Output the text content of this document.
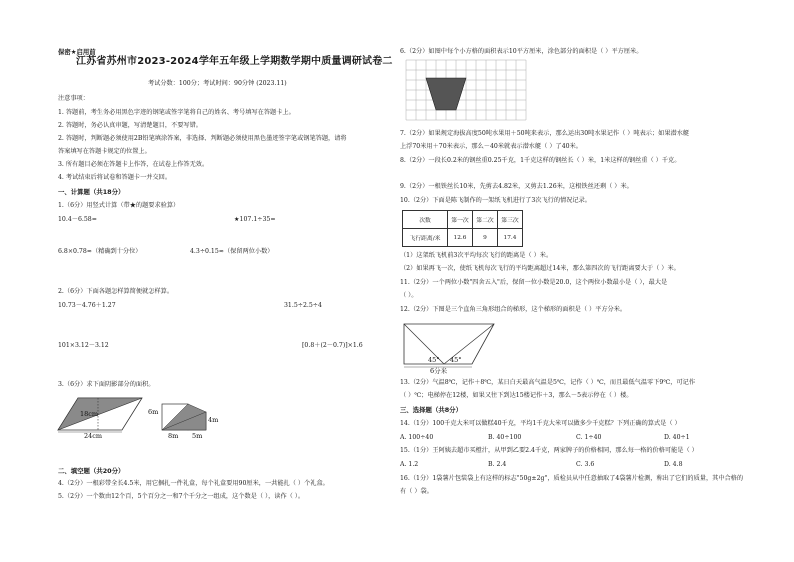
保密★启用前
江苏省苏州市2023-2024学年五年级上学期数学期中质量调研试卷二
考试分数：100分；考试时间：90分钟 (2023.11)
注意事项：
1. 答题前，考生务必用黑色字迹的钢笔或签字笔将自己的姓名、考号填写在答题卡上。
2. 答题时，务必认真审题，写清楚题目，不要写错。
2. 答题时，判断题必须使用2B铅笔填涂答案，非选择、判断题必须使用黑色墨迹签字笔或钢笔答题，请将
答案填写在答题卡规定的位置上。
3. 所有题目必须在答题卡上作答，在试卷上作答无效。
4. 考试结束后将试卷和答题卡一并交回。
一、计算题（共18分）
1.（6分）用竖式计算（带★的题要求验算）
10.4－6.58=	★107.1÷35=
6.8×0.78≈（精确到十分位）	4.3÷0.15≈（保留两位小数）
2.（6分）下面各题怎样算简便就怎样算。
10.73－4.76＋1.27	31.5÷2.5÷4
101×3.12－3.12	[0.8＋(2－0.7)]×1.6
3.（6分）求下面阴影部分的面积。
18cm
24cm
6m
4m
8m 5m
二、填空题（共20分）
4.（2分）一根彩带全长4.5米，用它捆扎一件礼盒，每个礼盒要用90厘米，一共能扎（ ）个礼盒。
5.（2分）一个数由12个百，5个百分之一和7个千分之一组成，这个数是（ ），读作（ ）。
6.（2分）如图中每个小方格的面积表示10平方厘米，涂色部分的面积是（ ）平方厘米。
7.（2分）如果规定海拔高度50吨水果用＋50吨来表示，那么运出30吨水果记作（ ）吨表示；如果潜水艇
上浮70米用＋70米表示，那么－40米就表示潜水艇（ ）了40米。
8.（2分）一段长0.2米的钢丝重0.25千克，1千克这样的钢丝长（ ）米，1米这样的钢丝重（ ）千克。
9.（2分）一根铁丝长10米，先剪去4.82米，又剪去1.26米，这根铁丝还剩（ ）米。
10.（2分）下面是陈飞制作的一架纸飞机进行了3次飞行的情况记录。
次数	第一次	第二次	第三次
飞行距离/米	12.6	9	17.4
（1）这架纸飞机前3次平均每次飞行的距离是（ ）米。
（2）如果再飞一次，使纸飞机每次飞行的平均距离超过14米，那么第四次的飞行距离要大于（ ）米。
11.（2分）一个两位小数"四舍五入"后，保留一位小数是20.0，这个两位小数最小是（ ），最大是
（ ）。
12.（2分）下图是三个直角三角形组合的梯形，这个梯形的面积是（ ）平方分米。
45° 45°
6分米
13.（2分）气温8℃，记作＋8℃，某日白天最高气温是5℃，记作（ ）℃，而且最低气温零下9℃，可记作
（ ）℃；电梯停在12楼，如果又往下到达15楼记作＋3，那么－5表示停在（ ）楼。
三、选择题（共8分）
14.（1分）100千克大米可以做糕40千克，平均1千克大米可以做多少千克糕？下列正确的算式是（ ）
A. 100÷40	B. 40÷100	C. 1÷40	D. 40÷1
15.（1分）王阿姨去超市买橙汁，从甲到乙要2.4千克，两家牌子的价格相同，那么每一格的价格可能是（ ）
A. 1.2	B. 2.4	C. 3.6	D. 4.8
16.（1分）1袋薯片包装袋上有这样的标志"50g±2g"，质检员从中任意抽取了4袋薯片检测，称出了它们的质量，其中合格的
有（ ）袋。
